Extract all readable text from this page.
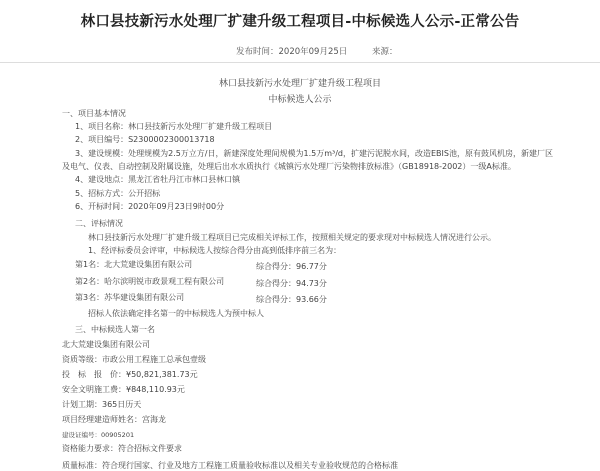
林口县技新污水处理厂扩建升级工程项目-中标候选人公示-正常公告
发布时间：2020年09月25日	来源：
林口县技新污水处理厂扩建升级工程项目
中标候选人公示
一、项目基本情况
1、项目名称：林口县技新污水处理厂扩建升级工程项目
2、项目编号：S2300002300013718
3、建设规模：处理规模为2.5万立方/日，新建深度处理间规模为1.5万m³/d，扩建污泥脱水间，改造EBIS池，原有鼓风机房，新建厂区
及电气、仪表、自动控制及附属设施，处理后出水水质执行《城镇污水处理厂污染物排放标准》（GB18918-2002）一级A标准。
4、建设地点：黑龙江省牡丹江市林口县林口镇
5、招标方式：公开招标
6、开标时间：2020年09月23日9时00分
二、评标情况
林口县技新污水处理厂扩建升级工程项目已完成相关评标工作，按照相关规定的要求现对中标候选人情况进行公示。
1、经评标委员会评审，中标候选人按综合得分由高到低排序前三名为：
第1名：北大荒建设集团有限公司	综合得分：96.77分
第2名：哈尔滨明锐市政景观工程有限公司	综合得分：94.73分
第3名：苏华建设集团有限公司	综合得分：93.66分
招标人依法确定排名第一的中标候选人为预中标人
三、中标候选人第一名
北大荒建设集团有限公司
资质等级：市政公用工程施工总承包壹级
投　标　报　价：¥50,821,381.73元
安全文明施工费：¥848,110.93元
计划工期：365日历天
项目经理建造师姓名：宫海龙
建设证编号：00905201
资格能力要求：符合招标文件要求
质量标准：符合现行国家、行业及地方工程施工质量验收标准以及相关专业验收规范的合格标准
